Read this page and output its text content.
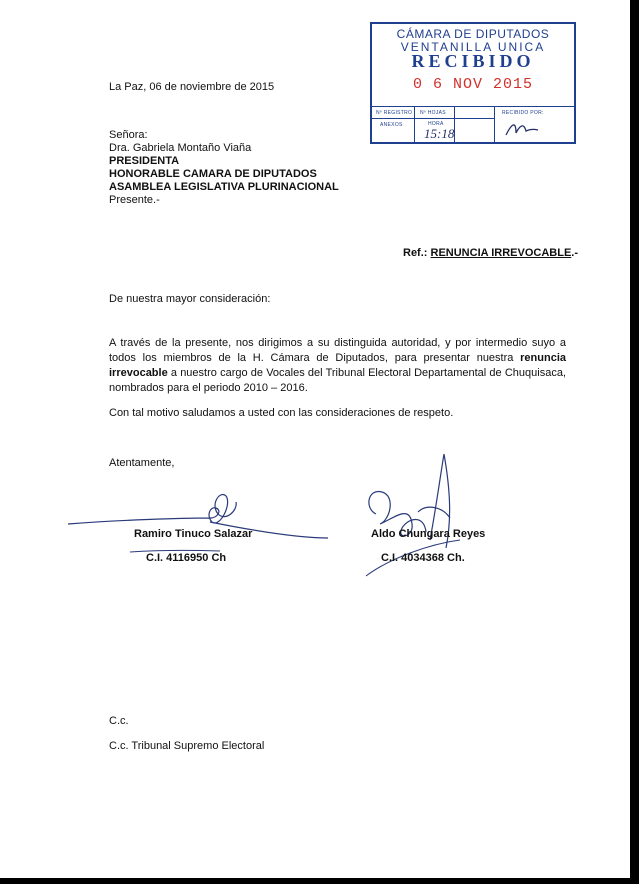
CÁMARA DE DIPUTADOS
VENTANILLA UNICA
RECIBIDO
0 6 NOV 2015
Nº REGISTRO Nº HOJAS	RECIBIDO POR:
ANEXOS	HORA
15:18
La Paz, 06 de noviembre de 2015
Señora:
Dra. Gabriela Montaño Viaña
PRESIDENTA
HONORABLE CAMARA DE DIPUTADOS
ASAMBLEA LEGISLATIVA PLURINACIONAL
Presente.-
Ref.: RENUNCIA IRREVOCABLE.-
De nuestra mayor consideración:
A través de la presente, nos dirigimos a su distinguida autoridad, y por intermedio suyo a todos los miembros de la H. Cámara de Diputados, para presentar nuestra renuncia irrevocable a nuestro cargo de Vocales del Tribunal Electoral Departamental de Chuquisaca, nombrados para el periodo 2010 – 2016.
Con tal motivo saludamos a usted con las consideraciones de respeto.
Atentamente,
Ramiro Tinuco Salazar
C.I. 4116950 Ch
Aldo Chungara Reyes
C.I. 4034368 Ch.
C.c.
C.c. Tribunal Supremo Electoral
